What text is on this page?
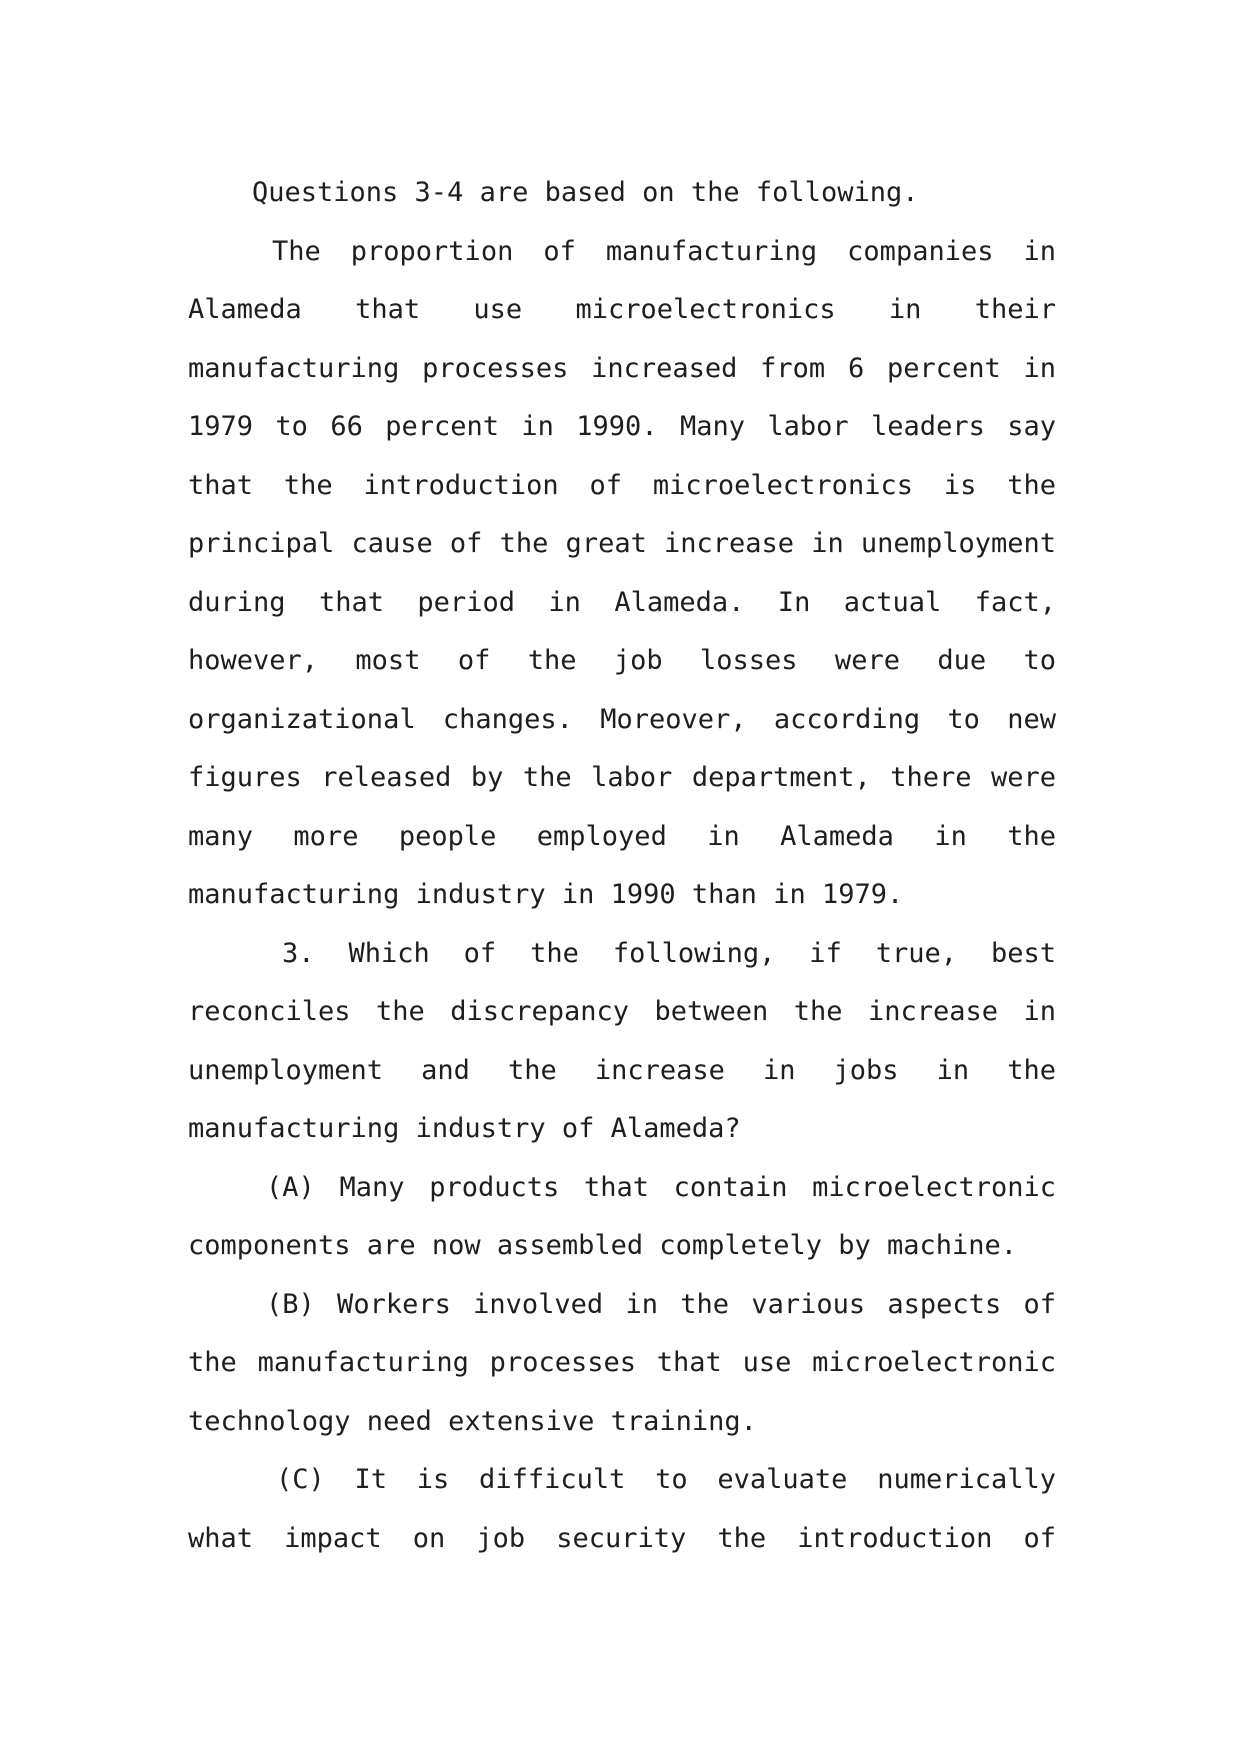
Questions 3-4 are based on the following.

The proportion of manufacturing companies in Alameda that use microelectronics in their manufacturing processes increased from 6 percent in 1979 to 66 percent in 1990. Many labor leaders say that the introduction of microelectronics is the principal cause of the great increase in unemployment during that period in Alameda. In actual fact, however, most of the job losses were due to organizational changes. Moreover, according to new figures released by the labor department, there were many more people employed in Alameda in the manufacturing industry in 1990 than in 1979.

3. Which of the following, if true, best reconciles the discrepancy between the increase in unemployment and the increase in jobs in the manufacturing industry of Alameda?

(A) Many products that contain microelectronic components are now assembled completely by machine.

(B) Workers involved in the various aspects of the manufacturing processes that use microelectronic technology need extensive training.

(C) It is difficult to evaluate numerically what impact on job security the introduction of
